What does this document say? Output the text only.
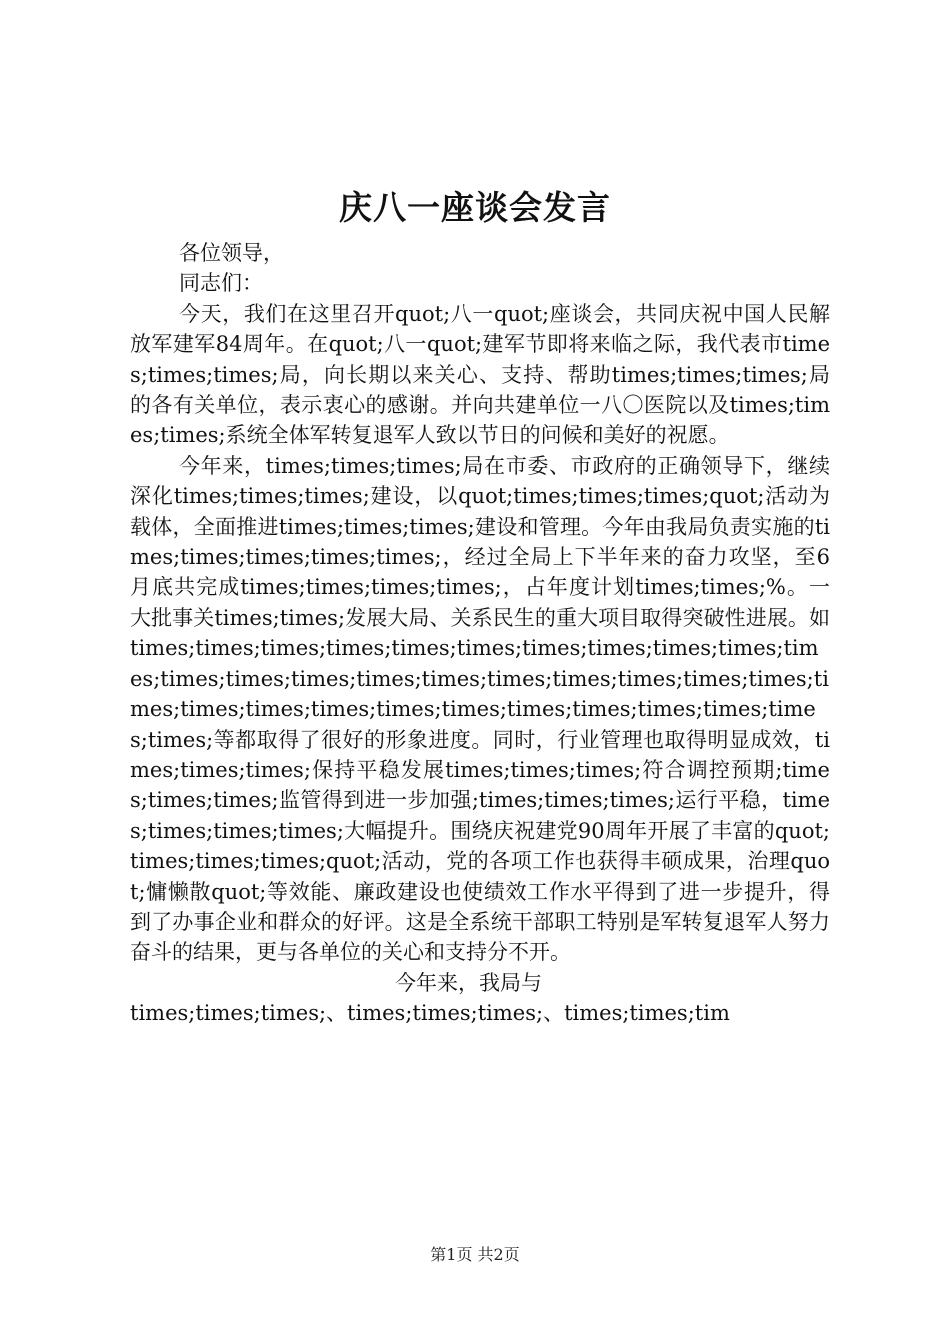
庆八一座谈会发言

各位领导，

同志们：

今天，我们在这里召开quot;八一quot;座谈会，共同庆祝中国人民解放军建军84周年。在quot;八一quot;建军节即将来临之际，我代表市times;times;times;局，向长期以来关心、支持、帮助times;times;times;局的各有关单位，表示衷心的感谢。并向共建单位一八〇医院以及times;times;times;系统全体军转复退军人致以节日的问候和美好的祝愿。

今年来，times;times;times;局在市委、市政府的正确领导下，继续深化times;times;times;建设，以quot;times;times;times;quot;活动为载体，全面推进times;times;times;建设和管理。今年由我局负责实施的times;times;times;times;times;，经过全局上下半年来的奋力攻坚，至6月底共完成times;times;times;times;，占年度计划times;times;%。一大批事关times;times;发展大局、关系民生的重大项目取得突破性进展。如times;times;times;times;times;times;times;times;times;times;times;times;times;times;times;times;times;times;times;times;times;times;times;times;times;times;times;times;times;times;times;times;times;等都取得了很好的形象进度。同时，行业管理也取得明显成效，times;times;times;保持平稳发展times;times;times;符合调控预期;times;times;times;监管得到进一步加强;times;times;times;运行平稳，times;times;times;times;大幅提升。围绕庆祝建党90周年开展了丰富的quot;times;times;times;quot;活动，党的各项工作也获得丰硕成果，治理quot;慵懒散quot;等效能、廉政建设也使绩效工作水平得到了进一步提升，得到了办事企业和群众的好评。这是全系统干部职工特别是军转复退军人努力奋斗的结果，更与各单位的关心和支持分不开。

今年来，我局与

times;times;times;、times;times;times;、times;times;tim

第1页 共2页
